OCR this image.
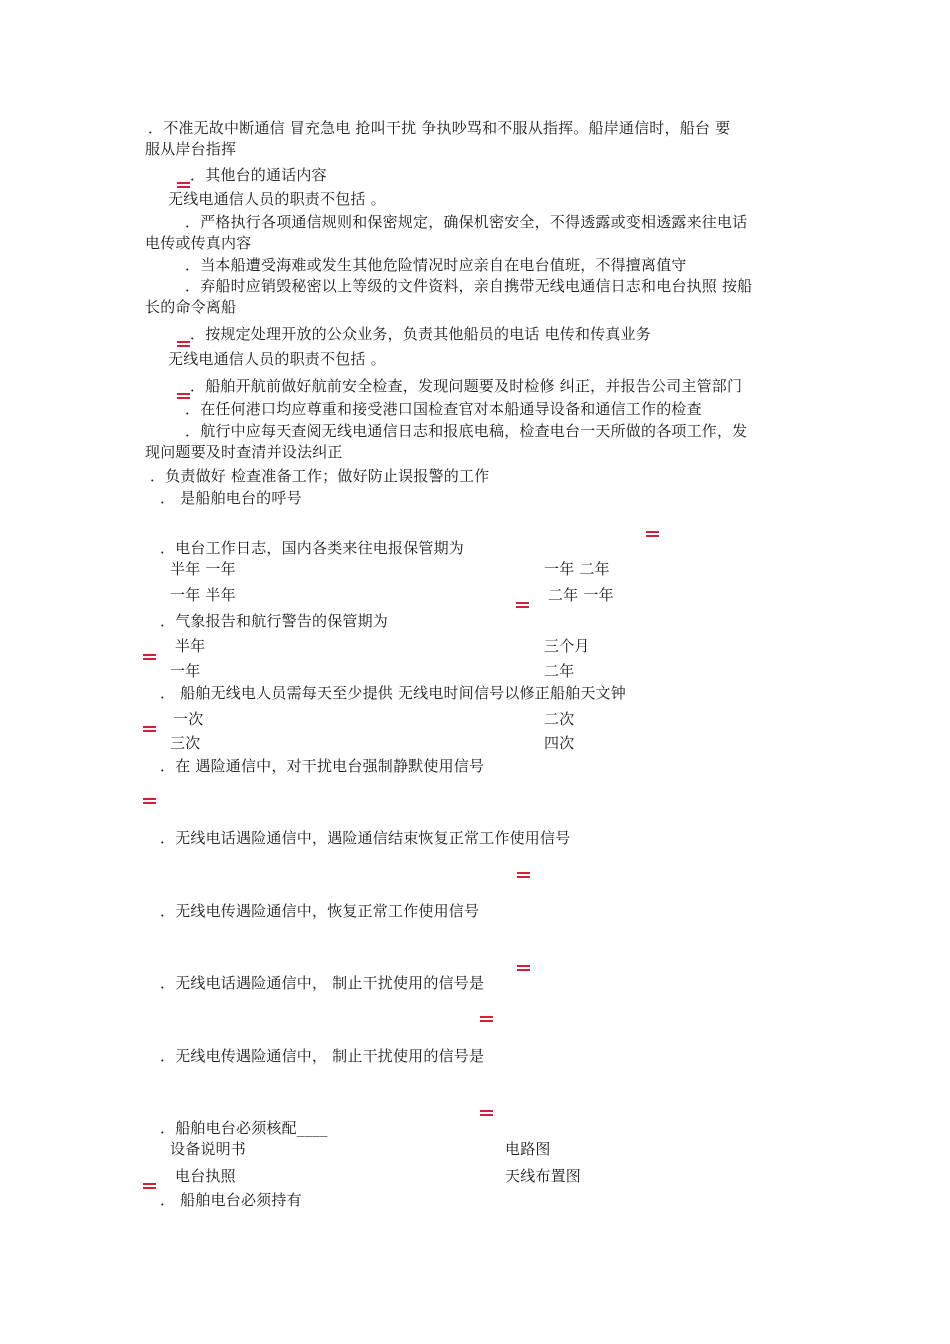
．不准无故中断通信 冒充急电 抢叫干扰 争执吵骂和不服从指挥。船岸通信时，船台 要
服从岸台指挥
．其他台的通话内容
无线电通信人员的职责不包括 。
．严格执行各项通信规则和保密规定，确保机密安全，不得透露或变相透露来往电话
电传或传真内容
．当本船遭受海难或发生其他危险情况时应亲自在电台值班，不得擅离值守
．弃船时应销毁秘密以上等级的文件资料，亲自携带无线电通信日志和电台执照 按船
长的命令离船
．按规定处理开放的公众业务，负责其他船员的电话 电传和传真业务
无线电通信人员的职责不包括 。
．船舶开航前做好航前安全检查，发现问题要及时检修 纠正，并报告公司主管部门
．在任何港口均应尊重和接受港口国检查官对本船通导设备和通信工作的检查
．航行中应每天查阅无线电通信日志和报底电稿，检查电台一天所做的各项工作，发
现问题要及时查清并设法纠正
．负责做好 检查准备工作；做好防止误报警的工作
． 是船舶电台的呼号
．电台工作日志，国内各类来往电报保管期为
半年 一年	一年 二年
一年 半年	二年 一年
．气象报告和航行警告的保管期为
半年	三个月
一年	二年
． 船舶无线电人员需每天至少提供 无线电时间信号以修正船舶天文钟
一次	二次
三次	四次
．在 遇险通信中，对干扰电台强制静默使用信号
．无线电话遇险通信中，遇险通信结束恢复正常工作使用信号
．无线电传遇险通信中，恢复正常工作使用信号
．无线电话遇险通信中， 制止干扰使用的信号是
．无线电传遇险通信中， 制止干扰使用的信号是
．船舶电台必须核配____
设备说明书	电路图
电台执照	天线布置图
． 船舶电台必须持有
